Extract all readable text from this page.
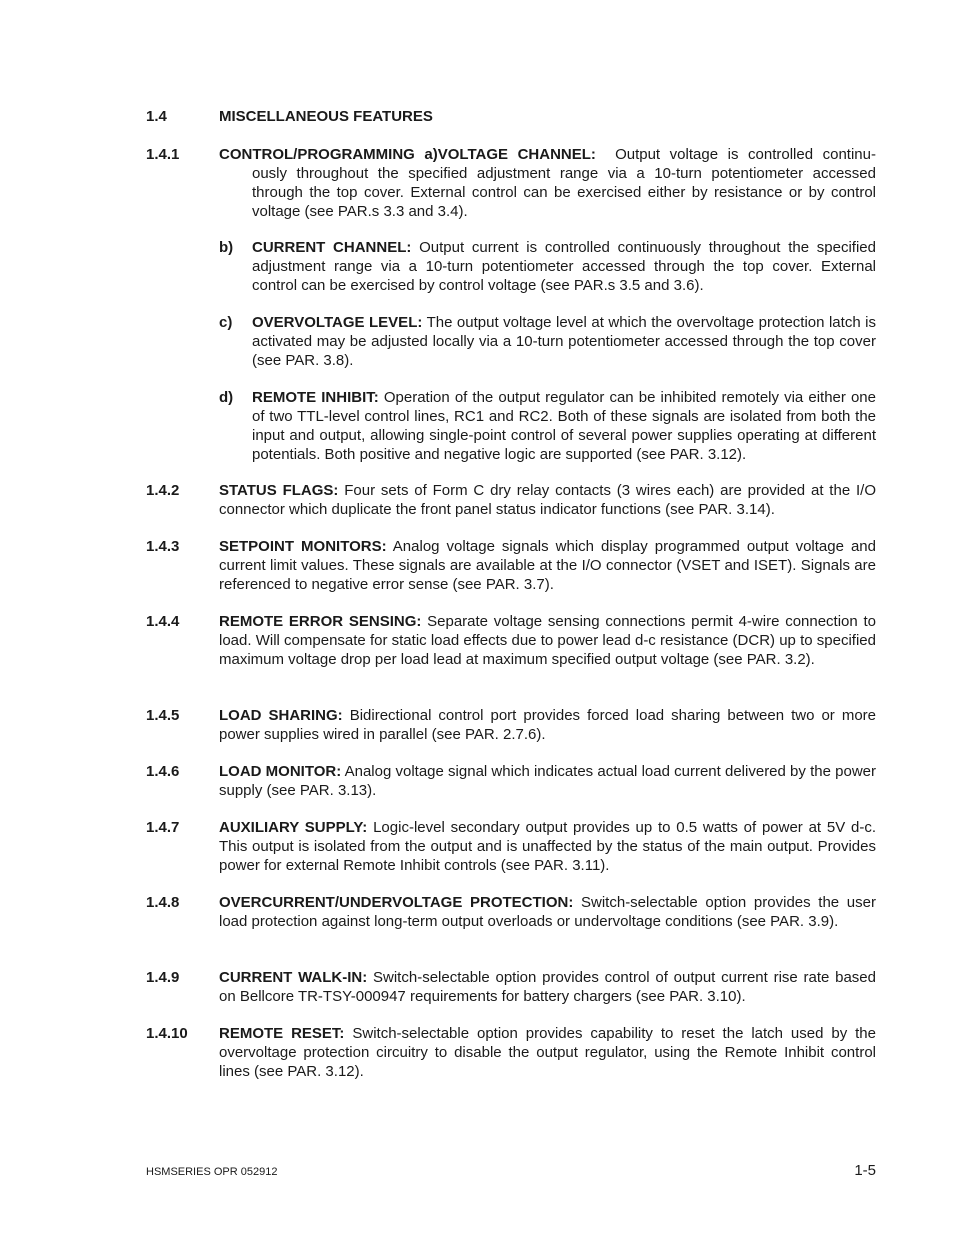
1.4	MISCELLANEOUS FEATURES
1.4.1	CONTROL/PROGRAMMING a)VOLTAGE CHANNEL: Output voltage is controlled continu-
ously throughout the specified adjustment range via a 10-turn potentiometer accessed through the top cover. External control can be exercised either by resistance or by control voltage (see PAR.s 3.3 and 3.4).
b) CURRENT CHANNEL: Output current is controlled continuously throughout the specified adjustment range via a 10-turn potentiometer accessed through the top cover. External control can be exercised by control voltage (see PAR.s 3.5 and 3.6).
c) OVERVOLTAGE LEVEL: The output voltage level at which the overvoltage protection latch is activated may be adjusted locally via a 10-turn potentiometer accessed through the top cover (see PAR. 3.8).
d) REMOTE INHIBIT: Operation of the output regulator can be inhibited remotely via either one of two TTL-level control lines, RC1 and RC2. Both of these signals are isolated from both the input and output, allowing single-point control of several power supplies operating at different potentials. Both positive and negative logic are supported (see PAR. 3.12).
1.4.2	STATUS FLAGS: Four sets of Form C dry relay contacts (3 wires each) are provided at the I/O connector which duplicate the front panel status indicator functions (see PAR. 3.14).
1.4.3	SETPOINT MONITORS: Analog voltage signals which display programmed output voltage and current limit values. These signals are available at the I/O connector (VSET and ISET). Signals are referenced to negative error sense (see PAR. 3.7).
1.4.4	REMOTE ERROR SENSING: Separate voltage sensing connections permit 4-wire connection to load. Will compensate for static load effects due to power lead d-c resistance (DCR) up to specified maximum voltage drop per load lead at maximum specified output voltage (see PAR. 3.2).
1.4.5	LOAD SHARING: Bidirectional control port provides forced load sharing between two or more power supplies wired in parallel (see PAR. 2.7.6).
1.4.6	LOAD MONITOR: Analog voltage signal which indicates actual load current delivered by the power supply (see PAR. 3.13).
1.4.7	AUXILIARY SUPPLY: Logic-level secondary output provides up to 0.5 watts of power at 5V d-c. This output is isolated from the output and is unaffected by the status of the main output. Provides power for external Remote Inhibit controls (see PAR. 3.11).
1.4.8	OVERCURRENT/UNDERVOLTAGE PROTECTION: Switch-selectable option provides the user load protection against long-term output overloads or undervoltage conditions (see PAR. 3.9).
1.4.9	CURRENT WALK-IN: Switch-selectable option provides control of output current rise rate based on Bellcore TR-TSY-000947 requirements for battery chargers (see PAR. 3.10).
1.4.10 REMOTE RESET: Switch-selectable option provides capability to reset the latch used by the overvoltage protection circuitry to disable the output regulator, using the Remote Inhibit control lines (see PAR. 3.12).
HSMSERIES OPR 052912	1-5
